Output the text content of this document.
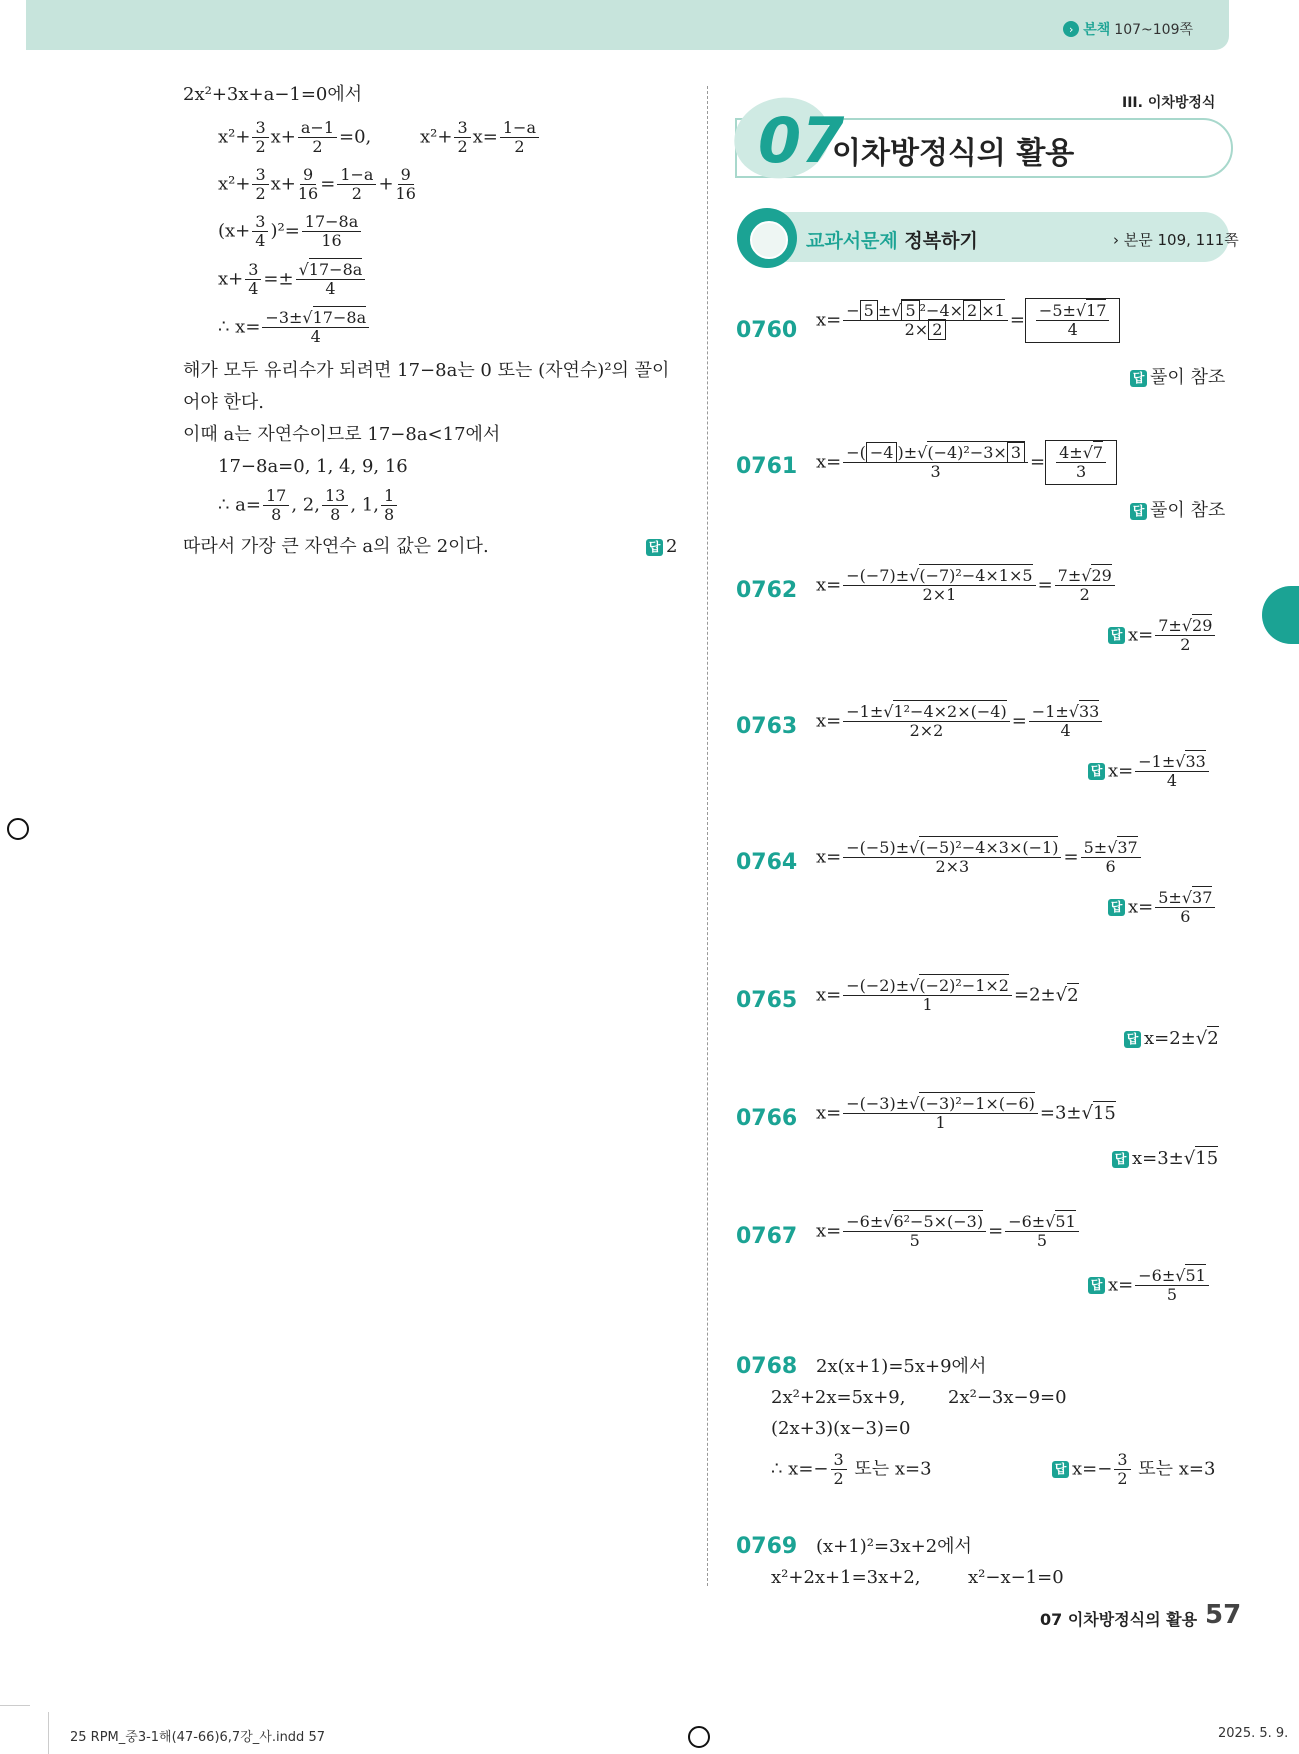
› 본책 107~109쪽
2x²+3x+a−1=0에서
$x^2+ \frac{3}{2} x+ \frac{a-1}{2} =0$,	$x^2+ \frac{3}{2} x= \frac{1-a}{2}$
$x^2+ \frac{3}{2} x+ \frac{9}{16} = \frac{1-a}{2} + \frac{9}{16}$
$(x+ \frac{3}{4} )^2= \frac{17-8a}{16}$
$x+ \frac{3}{4} =\pm \frac{√17-8a}{4}$
∴ $x= \frac{-3\pm√17-8a}{4}$
해가 모두 유리수가 되려면 17−8a는 0 또는 (자연수)²의 꼴이
어야 한다.
이때 a는 자연수이므로 17−8a<17에서
17−8a=0, 1, 4, 9, 16
∴ $a= \frac{17}{8}$ , 2, $\frac{13}{8}$ , 1, $\frac{1}{8}$
따라서 가장 큰 자연수 a의 값은 2이다.	답 2
III. 이차방정식
07
이차방정식의 활용
교과서문제 정복하기	› 본문 109, 111쪽
0760 $x= \frac{\text{− 5 ±√ 5 ²−4× 2 ×1}}{2\times 2} = \frac{-5\pm√17}{4}$
답 풀이 참조
0761 $x= \frac{\text{−( −4 )±√(−4)²−3× 3}}{3} = \frac{4\pm√7}{3}$
답 풀이 참조
0762 $x= \frac{\text{−(−7)±√(−7)²−4×1×5}}{2\times 1} = \frac{7\pm√29}{2}$
답 $x= \frac{7\pm√29}{2}$
0763 $x= \frac{\text{−1±√1²−4×2×(−4)}}{2\times 2} = \frac{-1\pm√33}{4}$
답 $x= \frac{-1\pm√33}{4}$
0764 $x= \frac{\text{−(−5)±√(−5)²−4×3×(−1)}}{2\times 3} = \frac{5\pm√37}{6}$
답 $x= \frac{5\pm√37}{6}$
0765 $x= \frac{\text{−(−2)±√(−2)²−1×2}}{1} =2\pm√2$
답 x=2±√2
0766 $x= \frac{\text{−(−3)±√(−3)²−1×(−6)}}{1} =3\pm√15$
답 x=3±√15
0767 $x= \frac{\text{−6±√6²−5×(−3)}}{5} = \frac{-6\pm√51}{5}$
답 $x= \frac{-6\pm√51}{5}$
0768 2x(x+1)=5x+9에서
2x²+2x=5x+9, 2x²−3x−9=0
(2x+3)(x−3)=0
∴ $x=- \frac{3}{2}$ 또는 x=3	답 $x=- \frac{3}{2}$ 또는 x=3
0769 (x+1)²=3x+2에서
x²+2x+1=3x+2,	x²−x−1=0
07 이차방정식의 활용 57
25 RPM_중3-1해(47-66)6,7강_사.indd 57	2025. 5. 9.
